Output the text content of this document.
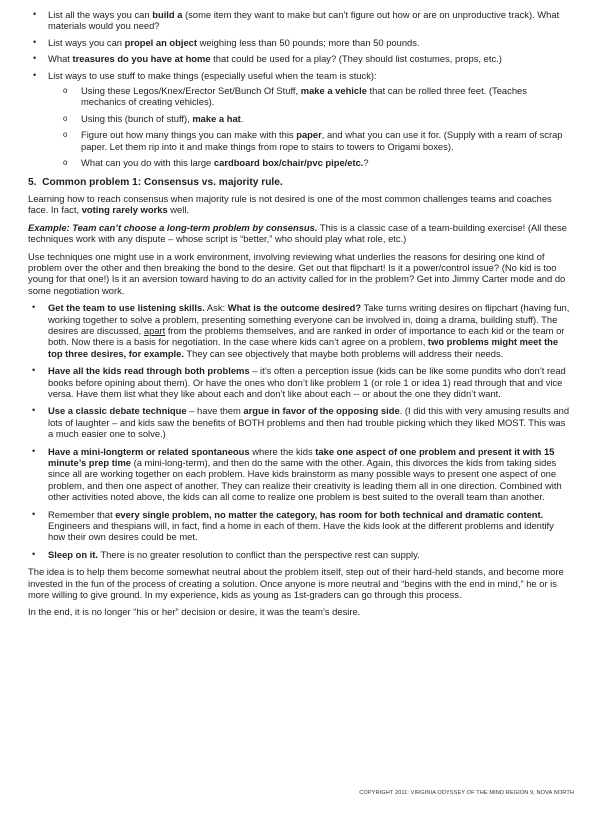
• List all the ways you can build a (some item they want to make but can’t figure out how or are on unproductive track). What materials would you need?
• List ways you can propel an object weighing less than 50 pounds; more than 50 pounds.
• What treasures do you have at home that could be used for a play? (They should list costumes, props, etc.)
• List ways to use stuff to make things (especially useful when the team is stuck):
o Using these Legos/Knex/Erector Set/Bunch Of Stuff, make a vehicle that can be rolled three feet. (Teaches mechanics of creating vehicles).
o Using this (bunch of stuff), make a hat.
o Figure out how many things you can make with this paper, and what you can use it for. (Supply with a ream of scrap paper. Let them rip into it and make things from rope to stairs to towers to Origami boxes).
o What can you do with this large cardboard box/chair/pvc pipe/etc.?
5.  Common problem 1: Consensus vs. majority rule.

Learning how to reach consensus when majority rule is not desired is one of the most common challenges teams and coaches face. In fact, voting rarely works well.

Example: Team can’t choose a long-term problem by consensus. This is a classic case of a team-building exercise! (All these techniques work with any dispute – whose script is “better,” who should play what role, etc.)

Use techniques one might use in a work environment, involving reviewing what underlies the reasons for desiring one kind of problem over the other and then breaking the bond to the desire. Get out that flipchart! Is it a power/control issue? (No kid is too young for that one!) Is it an aversion toward having to do an activity called for in the problem? Get into Jimmy Carter mode and do some negotiation work.

• Get the team to use listening skills. Ask: What is the outcome desired? Take turns writing desires on flipchart (having fun, working together to solve a problem, presenting something everyone can be involved in, doing a drama, building stuff). The desires are discussed, apart from the problems themselves, and are ranked in order of importance to each kid or the team or both. Now there is a basis for negotiation. In the case where kids can’t agree on a problem, two problems might meet the top three desires, for example. They can see objectively that maybe both problems will address their needs.
• Have all the kids read through both problems – it’s often a perception issue (kids can be like some pundits who don’t read books before opining about them). Or have the ones who don’t like problem 1 (or role 1 or idea 1) read through that and vice versa. Have them list what they like about each and don’t like about each -- or about the one they didn’t want.
• Use a classic debate technique – have them argue in favor of the opposing side. (I did this with very amusing results and lots of laughter – and kids saw the benefits of BOTH problems and then had trouble picking which they liked MOST. This was a much easier one to solve.)
• Have a mini-longterm or related spontaneous where the kids take one aspect of one problem and present it with 15 minute’s prep time (a mini-long-term), and then do the same with the other. Again, this divorces the kids from taking sides since all are working together on each problem. Have kids brainstorm as many possible ways to present one aspect of one problem, and then one aspect of another. They can realize their creativity is leading them all in one direction. Combined with other activities noted above, the kids can all come to realize one problem is best suited to the overall team than another.
• Remember that every single problem, no matter the category, has room for both technical and dramatic content. Engineers and thespians will, in fact, find a home in each of them. Have the kids look at the different problems and identify how their own desires could be met.
• Sleep on it. There is no greater resolution to conflict than the perspective rest can supply.

The idea is to help them become somewhat neutral about the problem itself, step out of their hard-held stands, and become more invested in the fun of the process of creating a solution. Once anyone is more neutral and “begins with the end in mind,” he or is more willing to give ground. In my experience, kids as young as 1st-graders can go through this process.

In the end, it is no longer “his or her” decision or desire, it was the team’s desire.

COPYRIGHT 2011: VIRGINIA ODYSSEY OF THE MIND REGION 9, NOVA NORTH
